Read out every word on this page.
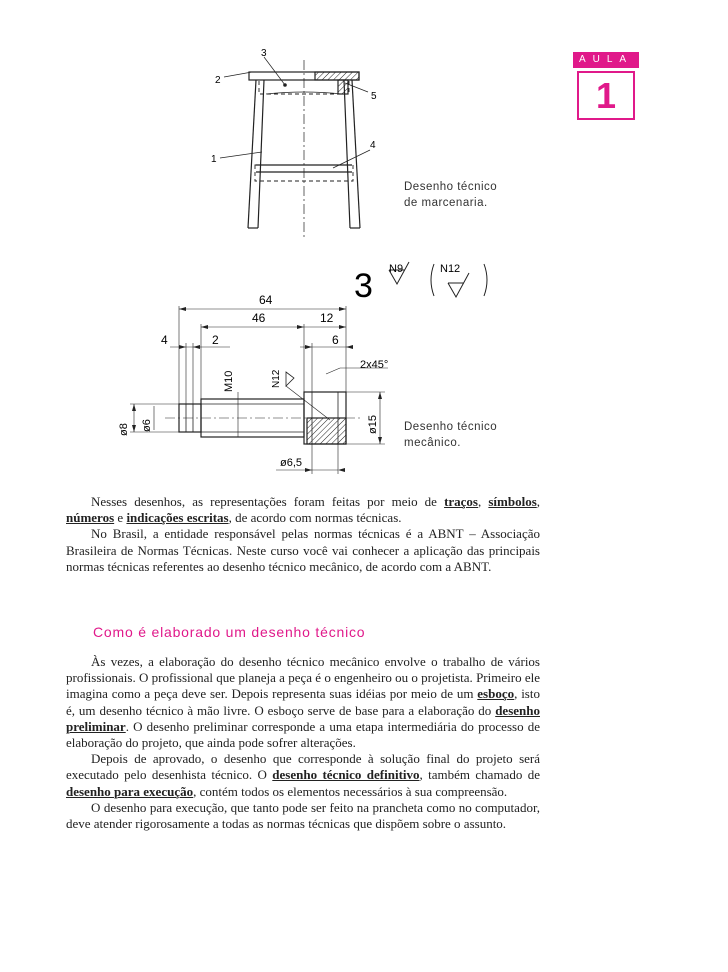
AULA
1
3
2
5
1
4
3 N9	N12
64
46	12
4	2	6
2x45°
M10	N12
ø8 ø6	ø15
ø6,5
Desenho técnico
de marcenaria.
Desenho técnico
mecânico.

Nesses desenhos, as representações foram feitas por meio de traços, símbolos, números e indicações escritas, de acordo com normas técnicas.

No Brasil, a entidade responsável pelas normas técnicas é a ABNT – Associação Brasileira de Normas Técnicas. Neste curso você vai conhecer a aplicação das principais normas técnicas referentes ao desenho técnico mecânico, de acordo com a ABNT.

Como é elaborado um desenho técnico

Às vezes, a elaboração do desenho técnico mecânico envolve o trabalho de vários profissionais. O profissional que planeja a peça é o engenheiro ou o projetista. Primeiro ele imagina como a peça deve ser. Depois representa suas idéias por meio de um esboço, isto é, um desenho técnico à mão livre. O esboço serve de base para a elaboração do desenho preliminar. O desenho preliminar corresponde a uma etapa intermediária do processo de elaboração do projeto, que ainda pode sofrer alterações.

Depois de aprovado, o desenho que corresponde à solução final do projeto será executado pelo desenhista técnico. O desenho técnico definitivo, também chamado de desenho para execução, contém todos os elementos necessários à sua compreensão.

O desenho para execução, que tanto pode ser feito na prancheta como no computador, deve atender rigorosamente a todas as normas técnicas que dispõem sobre o assunto.
